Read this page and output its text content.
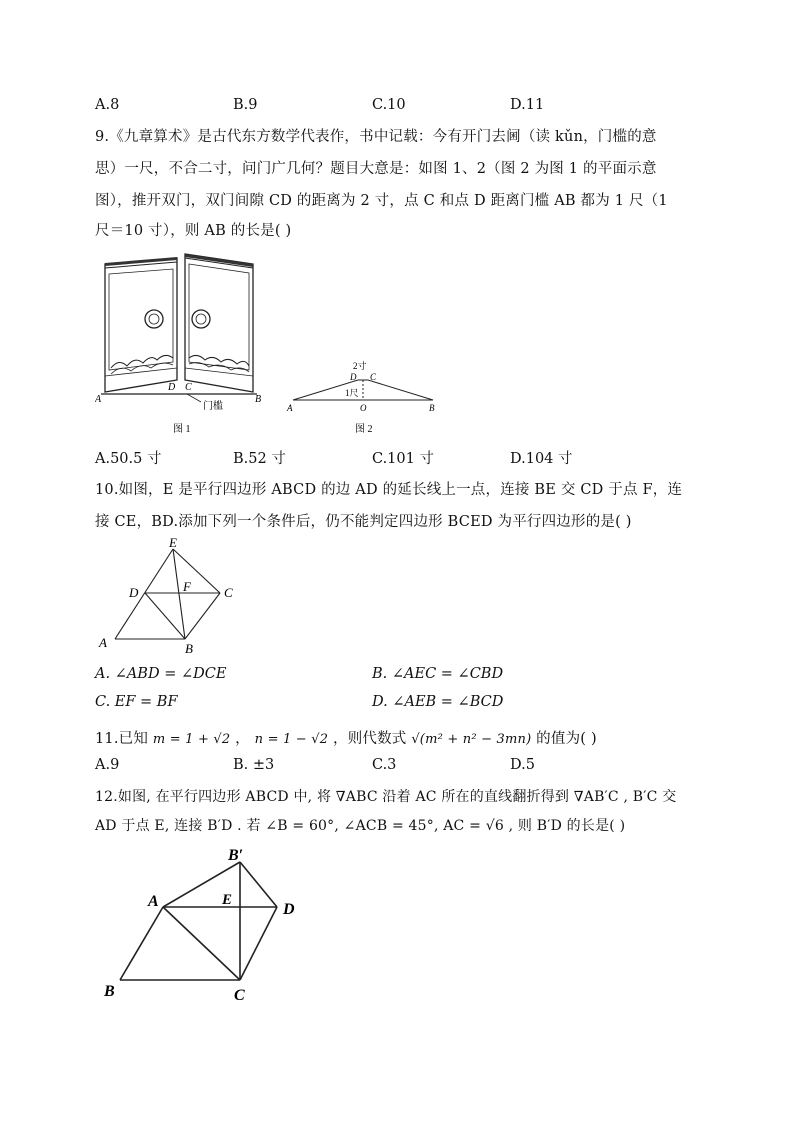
A.8	B.9	C.10	D.11
9.《九章算术》是古代东方数学代表作，书中记载：今有开门去阃（读 kǔn，门槛的意
思）一尺，不合二寸，问门广几何？题目大意是：如图 1、2（图 2 为图 1 的平面示意
图），推开双门，双门间隙 CD 的距离为 2 寸，点 C 和点 D 距离门槛 AB 都为 1 尺（1
尺＝10 寸），则 AB 的长是( )
A	B
D C
门槛
图 1
2寸
D C
1尺
A	O	B
图 2
A.50.5 寸	B.52 寸	C.101 寸	D.104 寸
10.如图，E 是平行四边形 ABCD 的边 AD 的延长线上一点，连接 BE 交 CD 于点 F，连
接 CE，BD.添加下列一个条件后，仍不能判定四边形 BCED 为平行四边形的是( )
E
D	F	C
A	B
A. ∠ABD = ∠DCE	B. ∠AEC = ∠CBD
C. EF = BF	D. ∠AEB = ∠BCD
11.已知 m = 1 + √2 ， n = 1 − √2 ，则代数式 √(m² + n² − 3mn) 的值为( )
A.9	B. ±3	C.3	D.5
12.如图, 在平行四边形 ABCD 中, 将 ∇ABC 沿着 AC 所在的直线翻折得到 ∇AB′C , B′C 交
AD 于点 E, 连接 B′D . 若 ∠B = 60°, ∠ACB = 45°, AC = √6 , 则 B′D 的长是( )
B′
A	E
D
B	C
